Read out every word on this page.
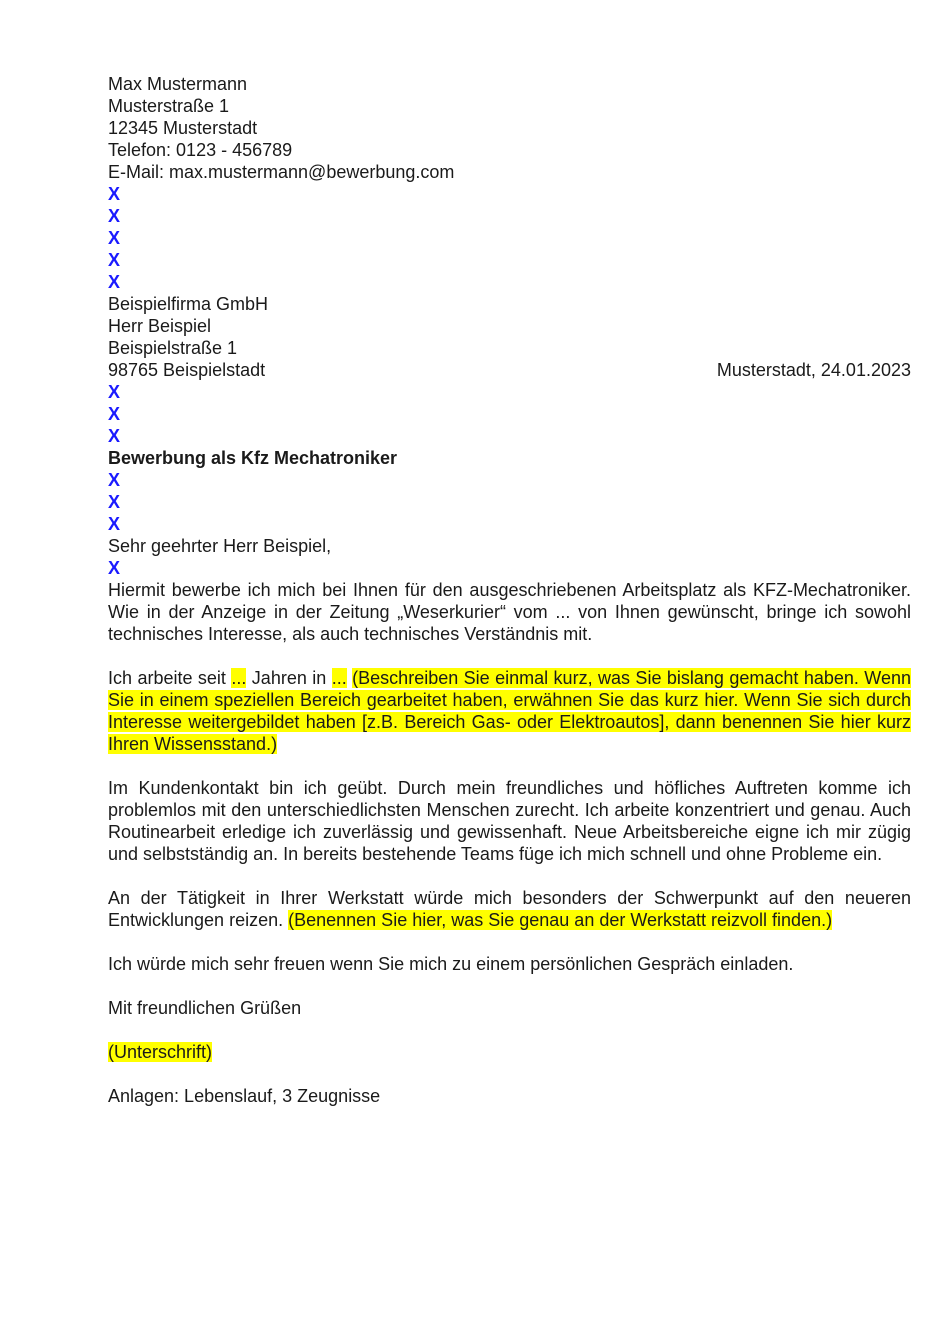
Max Mustermann
Musterstraße 1
12345 Musterstadt
Telefon: 0123 - 456789
E-Mail: max.mustermann@bewerbung.com
X
X
X
X
X
Beispielfirma GmbH
Herr Beispiel
Beispielstraße 1
98765 Beispielstadt	Musterstadt, 24.01.2023
X
X
X
Bewerbung als Kfz Mechatroniker
X
X
X
Sehr geehrter Herr Beispiel,
X

Hiermit bewerbe ich mich bei Ihnen für den ausgeschriebenen Arbeitsplatz als KFZ-Mechatroniker. Wie in der Anzeige in der Zeitung „Weserkurier“ vom ... von Ihnen gewünscht, bringe ich sowohl technisches Interesse, als auch technisches Verständnis mit.

Ich arbeite seit ... Jahren in ... (Beschreiben Sie einmal kurz, was Sie bislang gemacht haben. Wenn Sie in einem speziellen Bereich gearbeitet haben, erwähnen Sie das kurz hier. Wenn Sie sich durch Interesse weitergebildet haben [z.B. Bereich Gas- oder Elektroautos], dann benennen Sie hier kurz Ihren Wissensstand.)

Im Kundenkontakt bin ich geübt. Durch mein freundliches und höfliches Auftreten komme ich problemlos mit den unterschiedlichsten Menschen zurecht. Ich arbeite konzentriert und genau. Auch Routinearbeit erledige ich zuverlässig und gewissenhaft. Neue Arbeitsbereiche eigne ich mir zügig und selbstständig an. In bereits bestehende Teams füge ich mich schnell und ohne Probleme ein.

An der Tätigkeit in Ihrer Werkstatt würde mich besonders der Schwerpunkt auf den neueren Entwicklungen reizen. (Benennen Sie hier, was Sie genau an der Werkstatt reizvoll finden.)

Ich würde mich sehr freuen wenn Sie mich zu einem persönlichen Gespräch einladen.

Mit freundlichen Grüßen
(Unterschrift)
Anlagen: Lebenslauf, 3 Zeugnisse
